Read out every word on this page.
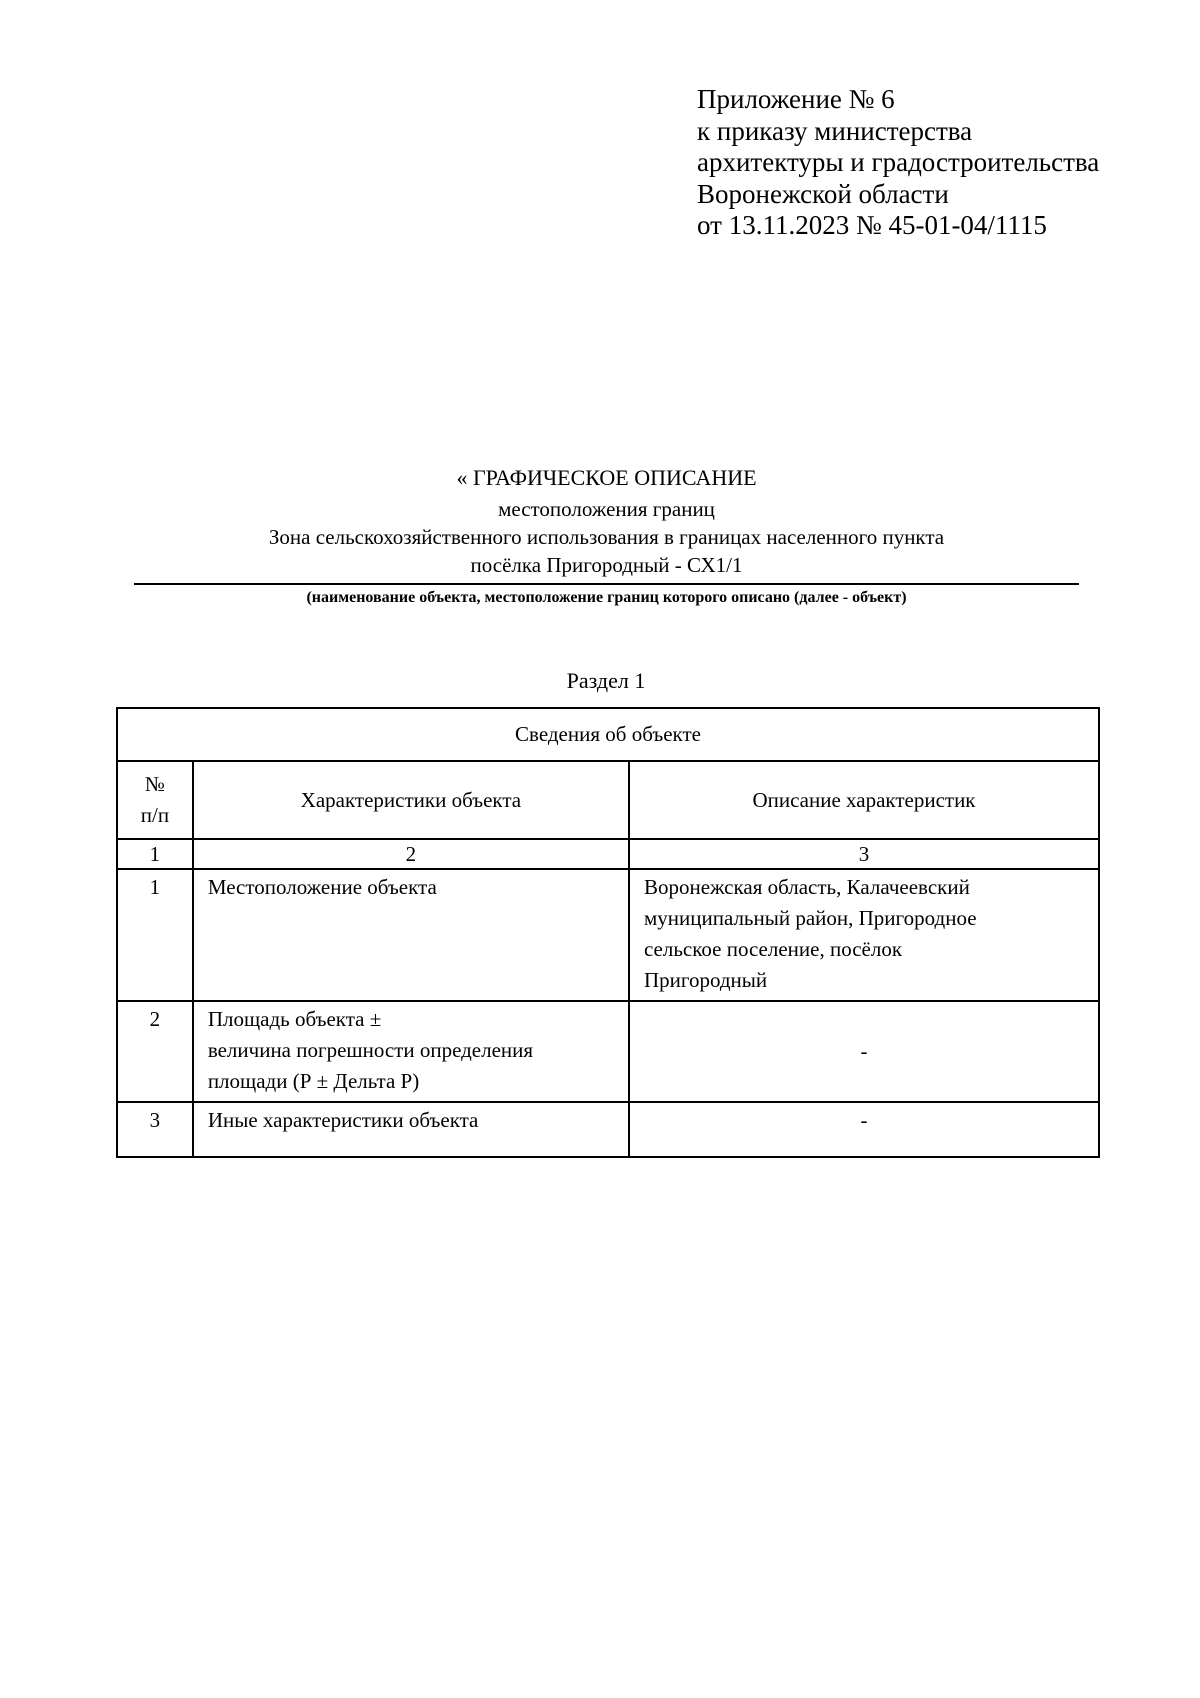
Приложение № 6
к приказу министерства
архитектуры и градостроительства
Воронежской области
от 13.11.2023 № 45-01-04/1115
« ГРАФИЧЕСКОЕ ОПИСАНИЕ
местоположения границ
Зона сельскохозяйственного использования в границах населенного пункта
посёлка Пригородный - СХ1/1
(наименование объекта, местоположение границ которого описано (далее - объект)
Раздел 1
Сведения об объекте		

№
п/п	Характеристики объекта	Описание характеристик
1	2	3
1	Местоположение объекта	Воронежская область, Калачеевский
муниципальный район, Пригородное
сельское поселение, посёлок
Пригородный

2	Площадь объекта ±
величина погрешности определения
площади (Р ± Дельта Р)	-
3	Иные характеристики объекта	-
